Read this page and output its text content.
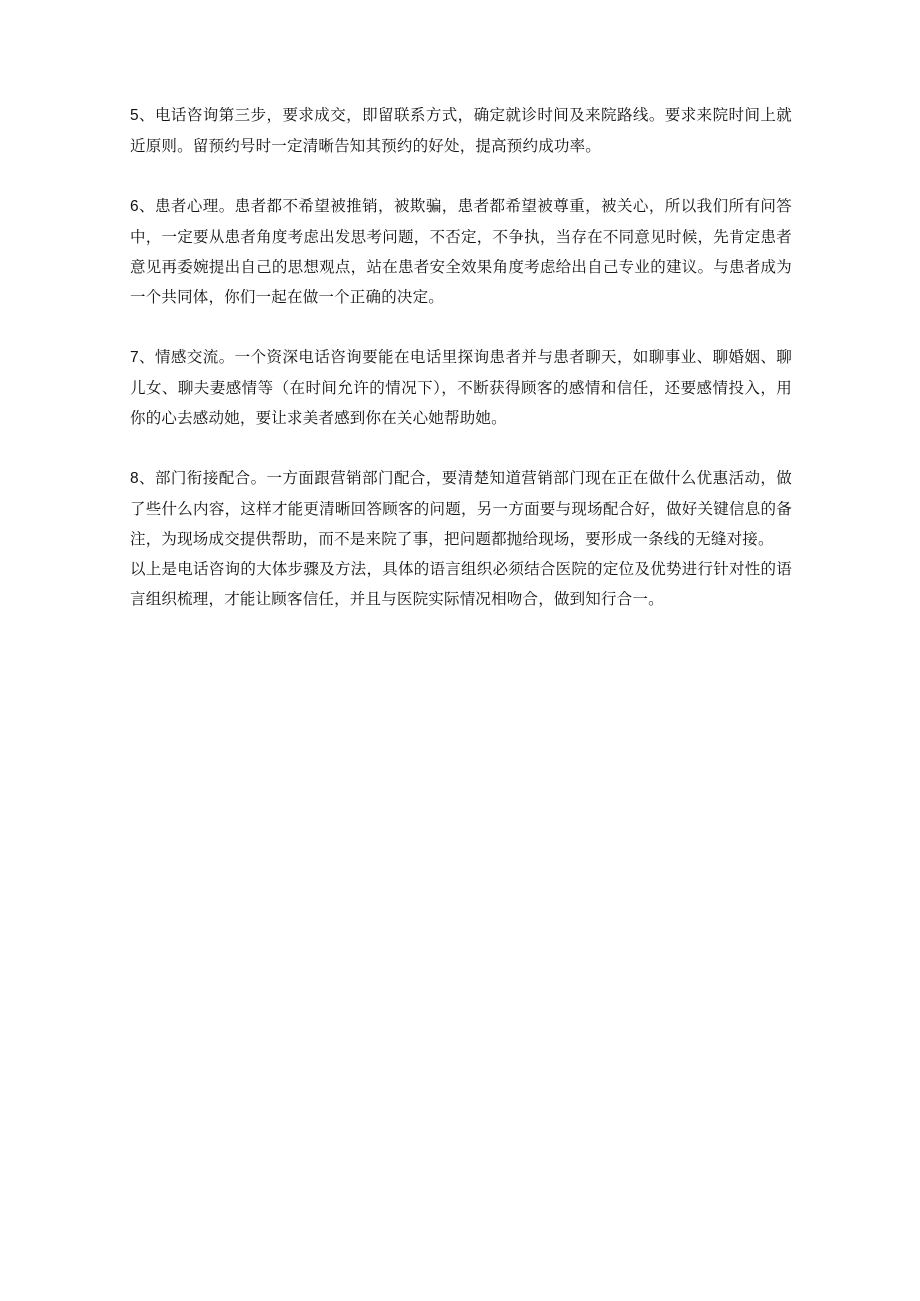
5、电话咨询第三步，要求成交，即留联系方式，确定就诊时间及来院路线。要求来院时间上就近原则。留预约号时一定清晰告知其预约的好处，提高预约成功率。

6、患者心理。患者都不希望被推销，被欺骗，患者都希望被尊重，被关心，所以我们所有问答中，一定要从患者角度考虑出发思考问题，不否定，不争执，当存在不同意见时候，先肯定患者意见再委婉提出自己的思想观点，站在患者安全效果角度考虑给出自己专业的建议。与患者成为一个共同体，你们一起在做一个正确的决定。

7、情感交流。一个资深电话咨询要能在电话里探询患者并与患者聊天，如聊事业、聊婚姻、聊儿女、聊夫妻感情等（在时间允许的情况下），不断获得顾客的感情和信任，还要感情投入，用你的心去感动她，要让求美者感到你在关心她帮助她。

8、部门衔接配合。一方面跟营销部门配合，要清楚知道营销部门现在正在做什么优惠活动，做了些什么内容，这样才能更清晰回答顾客的问题，另一方面要与现场配合好，做好关键信息的备注，为现场成交提供帮助，而不是来院了事，把问题都抛给现场，要形成一条线的无缝对接。

以上是电话咨询的大体步骤及方法，具体的语言组织必须结合医院的定位及优势进行针对性的语言组织梳理，才能让顾客信任，并且与医院实际情况相吻合，做到知行合一。
